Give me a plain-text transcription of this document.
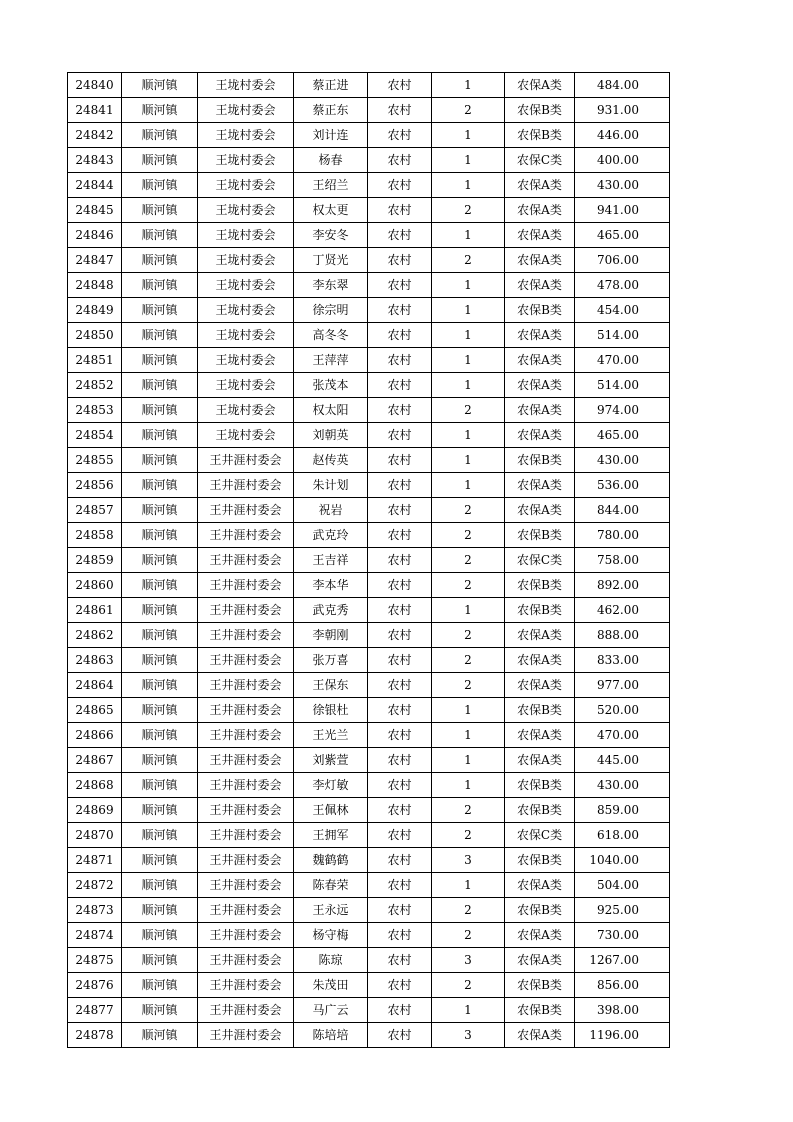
24840	顺河镇	王垅村委会	蔡正进	农村	1	农保A类	484.00
24841	顺河镇	王垅村委会	蔡正东	农村	2	农保B类	931.00
24842	顺河镇	王垅村委会	刘计连	农村	1	农保B类	446.00
24843	顺河镇	王垅村委会	杨春	农村	1	农保C类	400.00
24844	顺河镇	王垅村委会	王绍兰	农村	1	农保A类	430.00
24845	顺河镇	王垅村委会	权太更	农村	2	农保A类	941.00
24846	顺河镇	王垅村委会	李安冬	农村	1	农保A类	465.00
24847	顺河镇	王垅村委会	丁贤光	农村	2	农保A类	706.00
24848	顺河镇	王垅村委会	李东翠	农村	1	农保A类	478.00
24849	顺河镇	王垅村委会	徐宗明	农村	1	农保B类	454.00
24850	顺河镇	王垅村委会	高冬冬	农村	1	农保A类	514.00
24851	顺河镇	王垅村委会	王萍萍	农村	1	农保A类	470.00
24852	顺河镇	王垅村委会	张茂本	农村	1	农保A类	514.00
24853	顺河镇	王垅村委会	权太阳	农村	2	农保A类	974.00
24854	顺河镇	王垅村委会	刘朝英	农村	1	农保A类	465.00
24855	顺河镇	王井涯村委会	赵传英	农村	1	农保B类	430.00
24856	顺河镇	王井涯村委会	朱计划	农村	1	农保A类	536.00
24857	顺河镇	王井涯村委会	祝岩	农村	2	农保A类	844.00
24858	顺河镇	王井涯村委会	武克玲	农村	2	农保B类	780.00
24859	顺河镇	王井涯村委会	王吉祥	农村	2	农保C类	758.00
24860	顺河镇	王井涯村委会	李本华	农村	2	农保B类	892.00
24861	顺河镇	王井涯村委会	武克秀	农村	1	农保B类	462.00
24862	顺河镇	王井涯村委会	李朝刚	农村	2	农保A类	888.00
24863	顺河镇	王井涯村委会	张万喜	农村	2	农保A类	833.00
24864	顺河镇	王井涯村委会	王保东	农村	2	农保A类	977.00
24865	顺河镇	王井涯村委会	徐银杜	农村	1	农保B类	520.00
24866	顺河镇	王井涯村委会	王光兰	农村	1	农保A类	470.00
24867	顺河镇	王井涯村委会	刘紫萱	农村	1	农保A类	445.00
24868	顺河镇	王井涯村委会	李灯敏	农村	1	农保B类	430.00
24869	顺河镇	王井涯村委会	王佩林	农村	2	农保B类	859.00
24870	顺河镇	王井涯村委会	王拥军	农村	2	农保C类	618.00
24871	顺河镇	王井涯村委会	魏鹤鹤	农村	3	农保B类	1040.00
24872	顺河镇	王井涯村委会	陈春荣	农村	1	农保A类	504.00
24873	顺河镇	王井涯村委会	王永远	农村	2	农保B类	925.00
24874	顺河镇	王井涯村委会	杨守梅	农村	2	农保A类	730.00
24875	顺河镇	王井涯村委会	陈琼	农村	3	农保A类	1267.00
24876	顺河镇	王井涯村委会	朱茂田	农村	2	农保B类	856.00
24877	顺河镇	王井涯村委会	马广云	农村	1	农保B类	398.00
24878	顺河镇	王井涯村委会	陈培培	农村	3	农保A类	1196.00
